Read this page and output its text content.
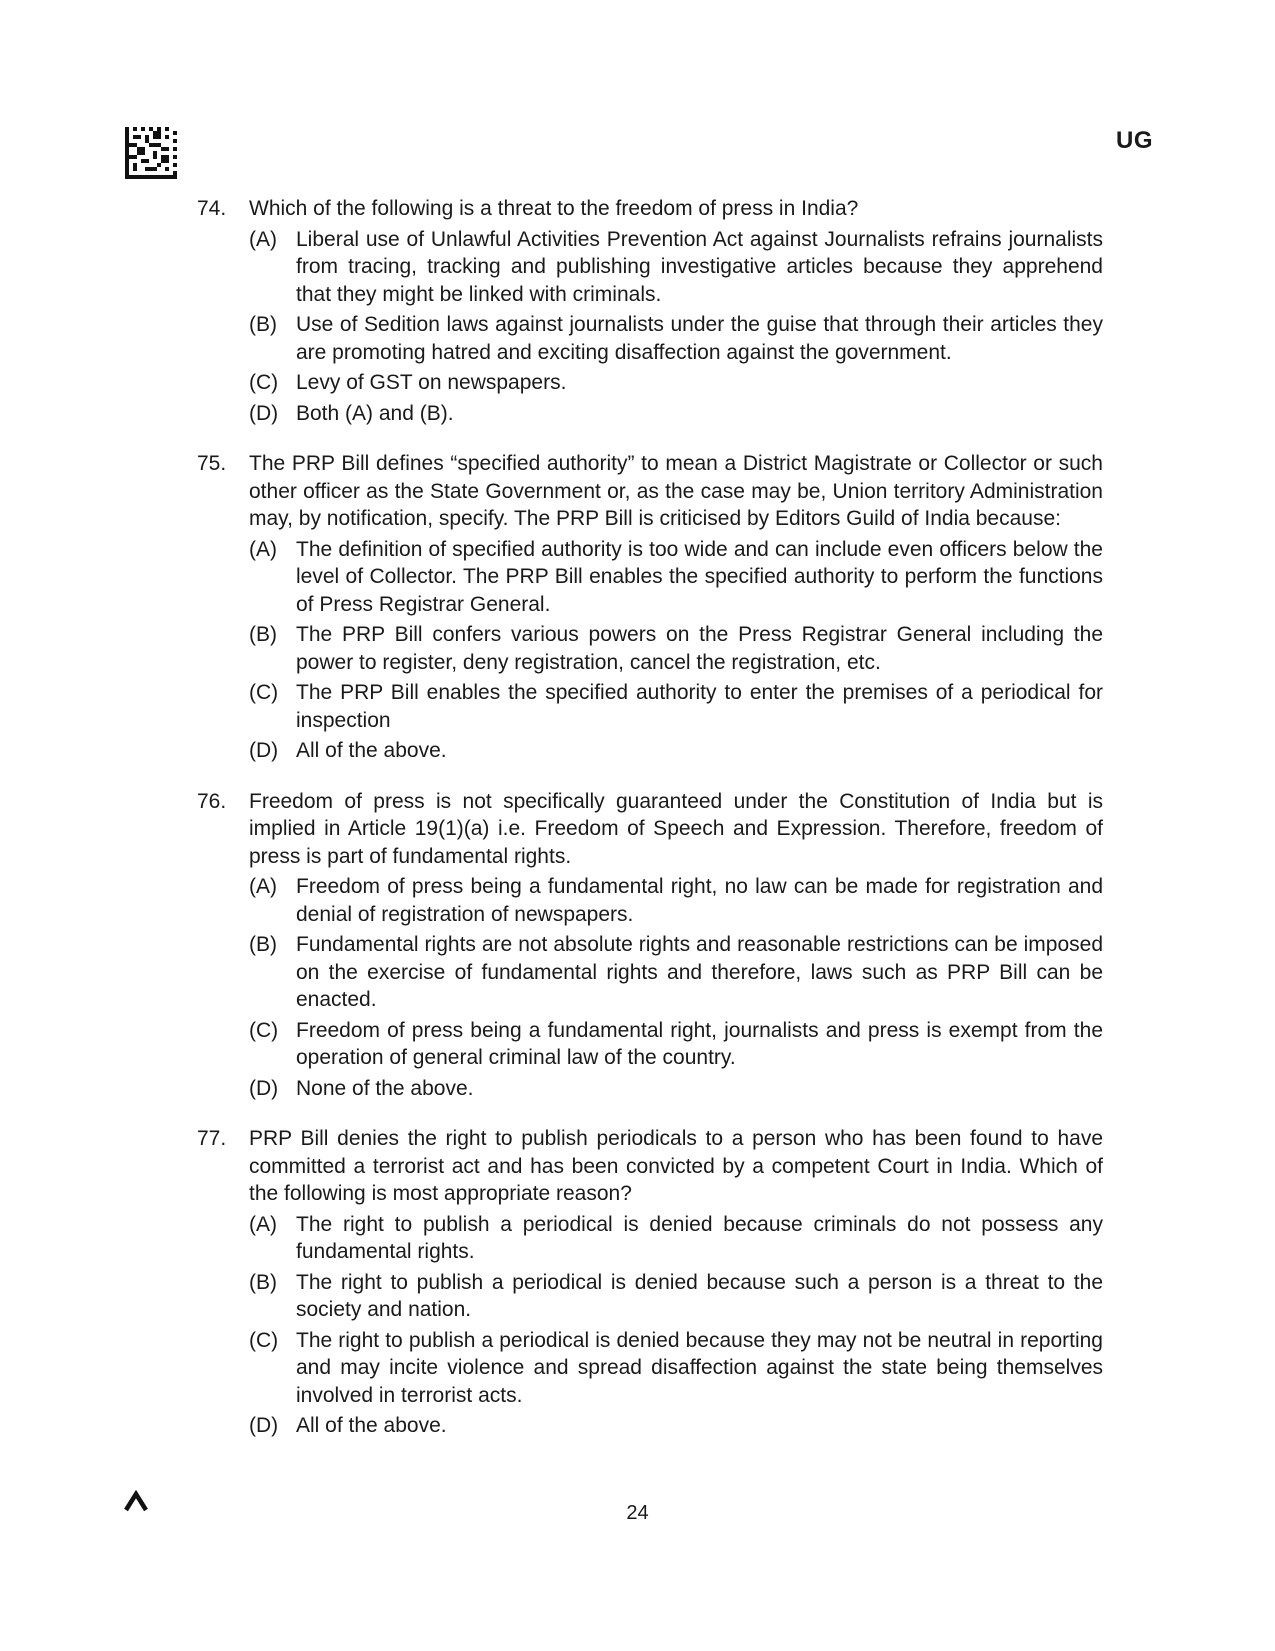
UG
74.	Which of the following is a threat to the freedom of press in India?
(A) Liberal use of Unlawful Activities Prevention Act against Journalists refrains journalists from tracing, tracking and publishing investigative articles because they apprehend that they might be linked with criminals.
(B) Use of Sedition laws against journalists under the guise that through their articles they are promoting hatred and exciting disaffection against the government.
(C) Levy of GST on newspapers.
(D) Both (A) and (B).
75.	The PRP Bill defines “specified authority” to mean a District Magistrate or Collector or such other officer as the State Government or, as the case may be, Union territory Administration may, by notification, specify. The PRP Bill is criticised by Editors Guild of India because:
(A) The definition of specified authority is too wide and can include even officers below the level of Collector. The PRP Bill enables the specified authority to perform the functions of Press Registrar General.
(B) The PRP Bill confers various powers on the Press Registrar General including the power to register, deny registration, cancel the registration, etc.
(C) The PRP Bill enables the specified authority to enter the premises of a periodical for inspection
(D) All of the above.
76.	Freedom of press is not specifically guaranteed under the Constitution of India but is implied in Article 19(1)(a) i.e. Freedom of Speech and Expression. Therefore, freedom of press is part of fundamental rights.
(A) Freedom of press being a fundamental right, no law can be made for registration and denial of registration of newspapers.
(B) Fundamental rights are not absolute rights and reasonable restrictions can be imposed on the exercise of fundamental rights and therefore, laws such as PRP Bill can be enacted.
(C) Freedom of press being a fundamental right, journalists and press is exempt from the operation of general criminal law of the country.
(D) None of the above.
77.	PRP Bill denies the right to publish periodicals to a person who has been found to have committed a terrorist act and has been convicted by a competent Court in India. Which of the following is most appropriate reason?
(A) The right to publish a periodical is denied because criminals do not possess any fundamental rights.
(B) The right to publish a periodical is denied because such a person is a threat to the society and nation.
(C) The right to publish a periodical is denied because they may not be neutral in reporting and may incite violence and spread disaffection against the state being themselves involved in terrorist acts.
(D) All of the above.
24
